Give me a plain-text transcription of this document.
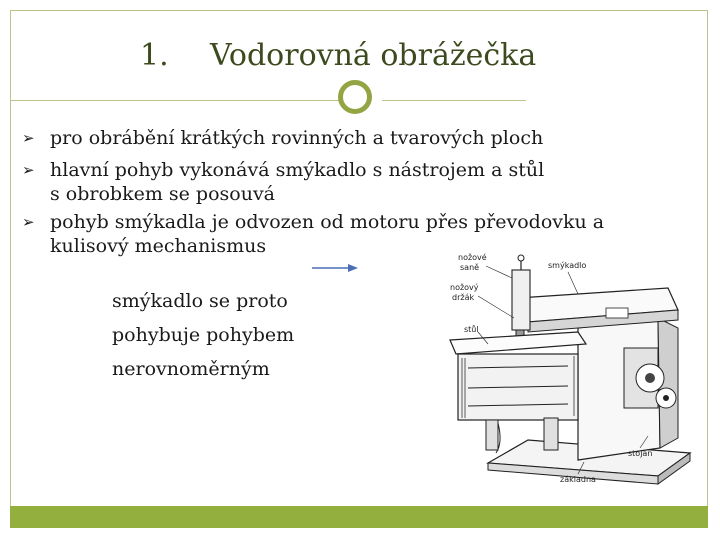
1. Vodorovná obrážečka
➢ pro obrábění krátkých rovinných a tvarových ploch
➢ hlavní pohyb vykonává smýkadlo s nástrojem a stůl
s obrobkem se posouvá
➢ pohyb smýkadla je odvozen od motoru přes převodovku a
kulisový mechanismus
smýkadlo se proto
pohybuje pohybem
nerovnoměrným
nožové
saně	smýkadlo
nožový
držák
stůl
stojan
základna
